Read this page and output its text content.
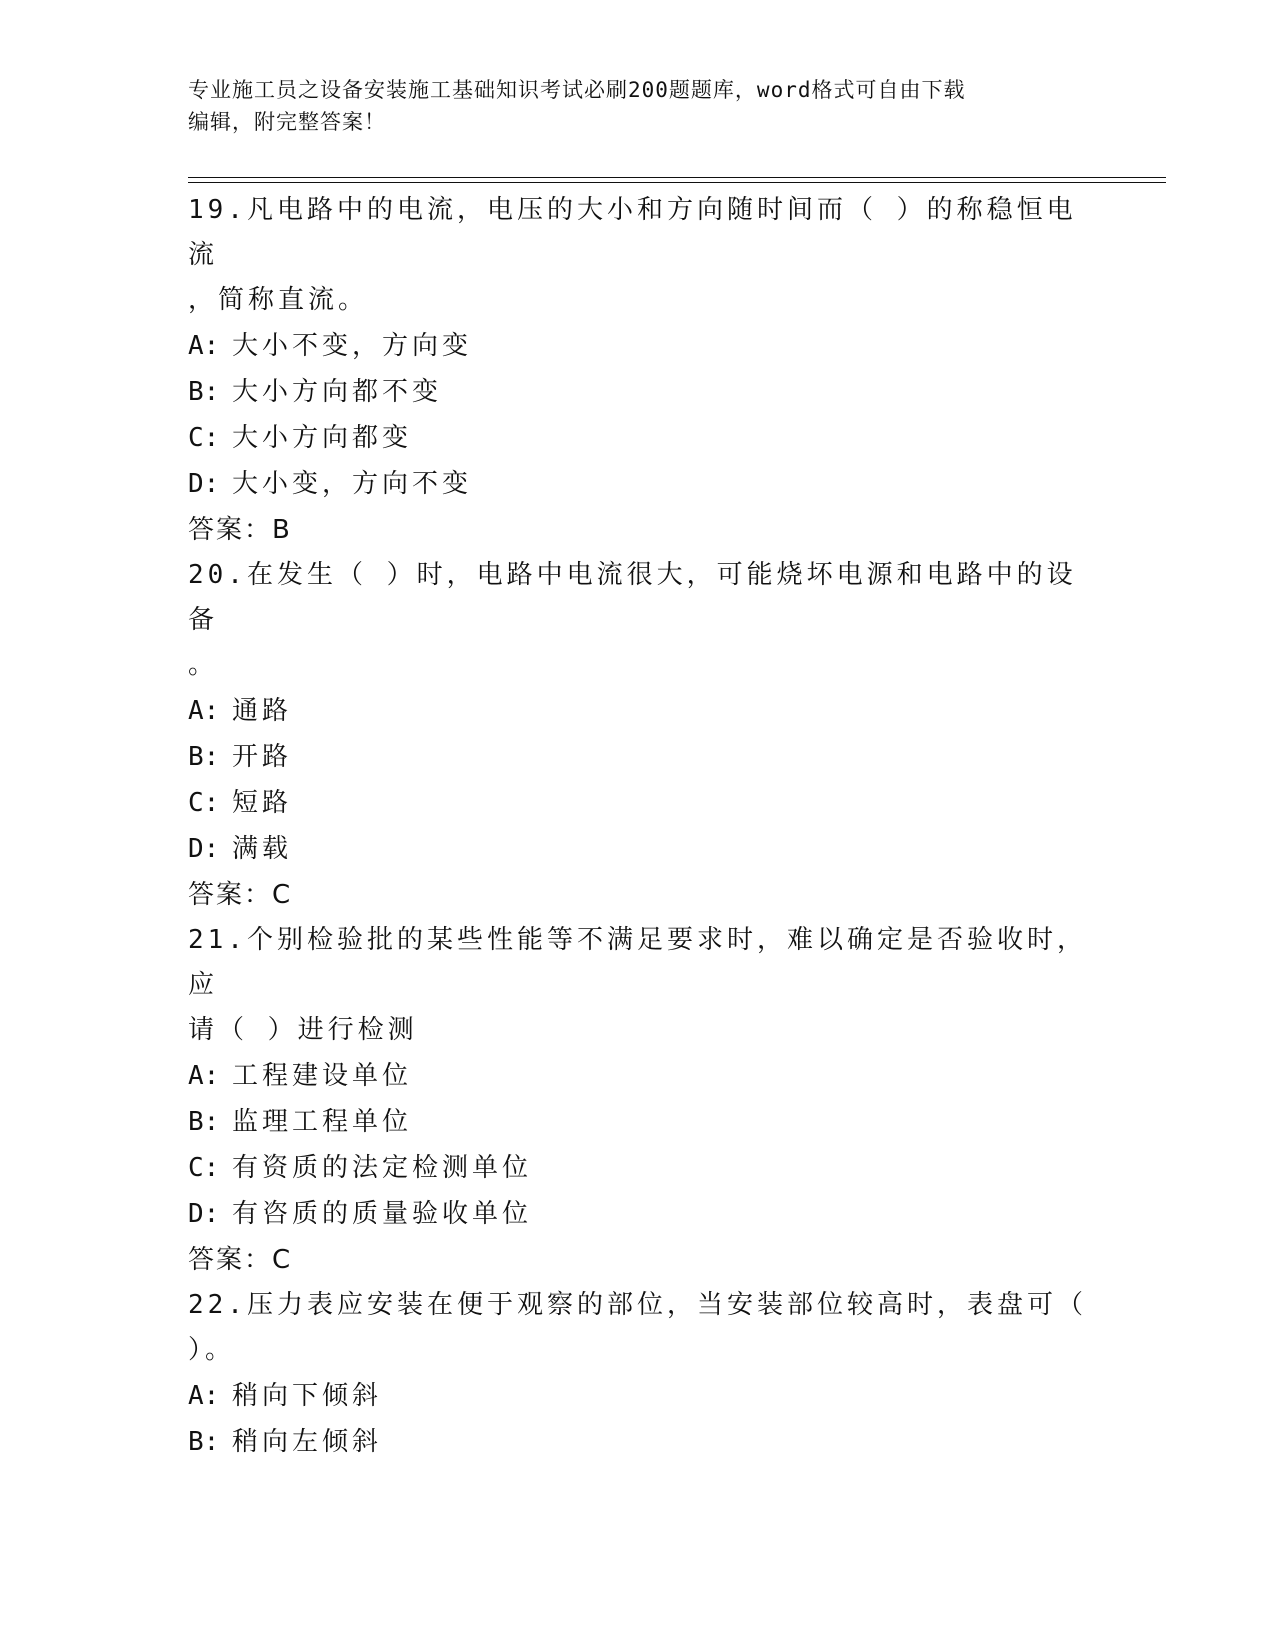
专业施工员之设备安装施工基础知识考试必刷200题题库，word格式可自由下载
编辑，附完整答案！

19.凡电路中的电流，电压的大小和方向随时间而（ ）的称稳恒电流
，简称直流。

A: 大小不变，方向变

B: 大小方向都不变

C: 大小方向都变

D: 大小变，方向不变

答案：B

20.在发生（ ）时，电路中电流很大，可能烧坏电源和电路中的设备
。

A: 通路

B: 开路

C: 短路

D: 满载

答案：C

21.个别检验批的某些性能等不满足要求时，难以确定是否验收时，应
请（ ）进行检测

A: 工程建设单位

B: 监理工程单位

C: 有资质的法定检测单位

D: 有咨质的质量验收单位

答案：C

22.压力表应安装在便于观察的部位，当安装部位较高时，表盘可（
）。

A: 稍向下倾斜

B: 稍向左倾斜
